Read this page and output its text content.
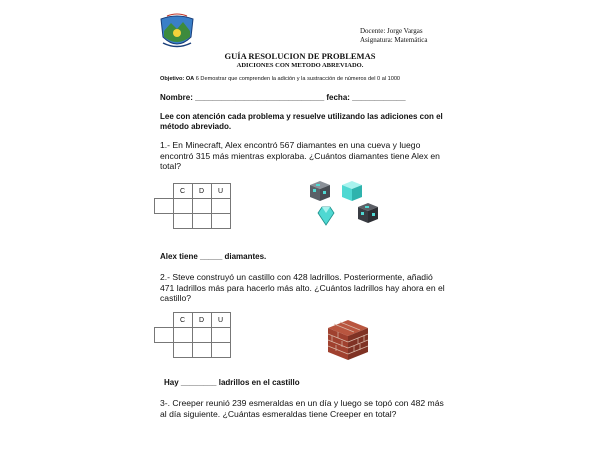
Docente: Jorge Vargas
Asignatura: Matemática
GUÍA RESOLUCION DE PROBLEMAS
ADICIONES CON METODO ABREVIADO.
Objetivo: OA 6 Demostrar que comprenden la adición y la sustracción de números del 0 al 1000
Nombre: _____________________________ fecha: ____________
Lee con atención cada problema y resuelve utilizando las adiciones con el método abreviado.
1.- En Minecraft, Alex encontró 567 diamantes en una cueva y luego encontró 315 más mientras exploraba. ¿Cuántos diamantes tiene Alex en total?
	C	D	U

Alex tiene _____ diamantes.
2.- Steve construyó un castillo con 428 ladrillos. Posteriormente, añadió 471 ladrillos más para hacerlo más alto. ¿Cuántos ladrillos hay ahora en el castillo?
	C	D	U

Hay ________ ladrillos en el castillo
3-. Creeper reunió 239 esmeraldas en un día y luego se topó con 482 más al día siguiente. ¿Cuántas esmeraldas tiene Creeper en total?
